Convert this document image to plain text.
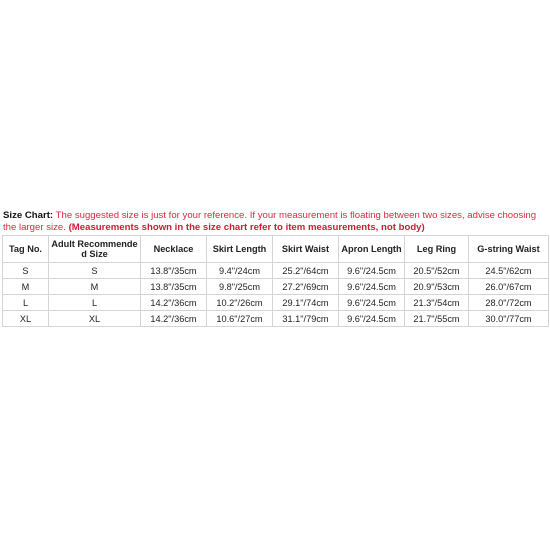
Size Chart: The suggested size is just for your reference. If your measurement is floating between two sizes, advise choosing the larger size. (Measurements shown in the size chart refer to item measurements, not body)
Tag No.	Adult Recommended Size	Necklace	Skirt Length	Skirt Waist	Apron Length	Leg Ring	G-string Waist
S	S	13.8"/35cm	9.4"/24cm	25.2"/64cm	9.6"/24.5cm	20.5"/52cm	24.5"/62cm
M	M	13.8"/35cm	9.8"/25cm	27.2"/69cm	9.6"/24.5cm	20.9"/53cm	26.0"/67cm
L	L	14.2"/36cm	10.2"/26cm	29.1"/74cm	9.6"/24.5cm	21.3"/54cm	28.0"/72cm
XL	XL	14.2"/36cm	10.6"/27cm	31.1"/79cm	9.6"/24.5cm	21.7"/55cm	30.0"/77cm
